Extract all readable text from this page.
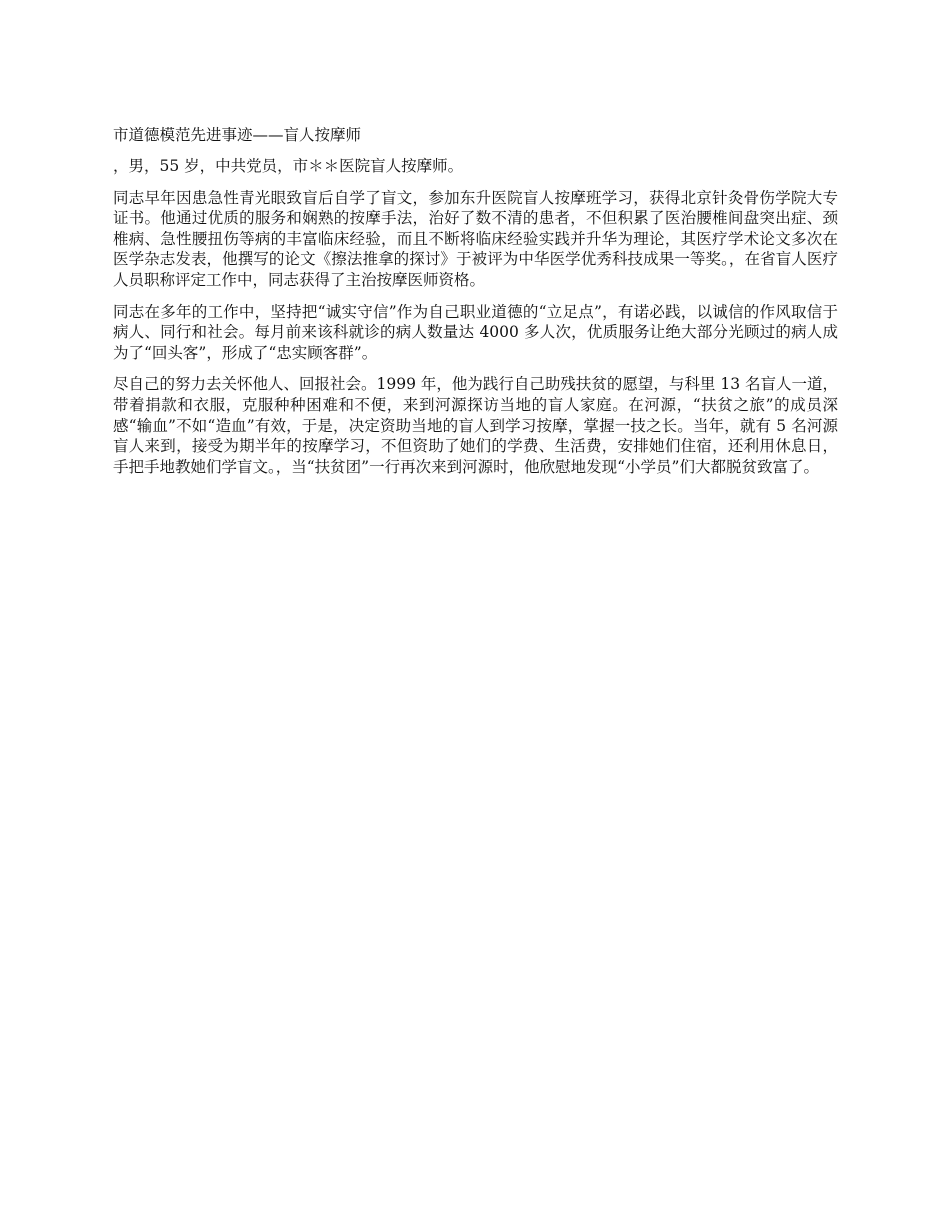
市道德模范先进事迹——盲人按摩师

，男，55 岁，中共党员，市＊＊医院盲人按摩师。

同志早年因患急性青光眼致盲后自学了盲文，参加东升医院盲人按摩班学习，获得北京针灸骨伤学院大专证书。他通过优质的服务和娴熟的按摩手法，治好了数不清的患者，不但积累了医治腰椎间盘突出症、颈椎病、急性腰扭伤等病的丰富临床经验，而且不断将临床经验实践并升华为理论，其医疗学术论文多次在医学杂志发表，他撰写的论文《擦法推拿的探讨》于被评为中华医学优秀科技成果一等奖。，在省盲人医疗人员职称评定工作中，同志获得了主治按摩医师资格。

同志在多年的工作中，坚持把“诚实守信”作为自己职业道德的“立足点”，有诺必践，以诚信的作风取信于病人、同行和社会。每月前来该科就诊的病人数量达 4000 多人次，优质服务让绝大部分光顾过的病人成为了“回头客”，形成了“忠实顾客群”。

尽自己的努力去关怀他人、回报社会。1999 年，他为践行自己助残扶贫的愿望，与科里 13 名盲人一道，带着捐款和衣服，克服种种困难和不便，来到河源探访当地的盲人家庭。在河源，“扶贫之旅”的成员深感“输血”不如“造血”有效，于是，决定资助当地的盲人到学习按摩，掌握一技之长。当年，就有 5 名河源盲人来到，接受为期半年的按摩学习，不但资助了她们的学费、生活费，安排她们住宿，还利用休息日，手把手地教她们学盲文。，当“扶贫团”一行再次来到河源时，他欣慰地发现“小学员”们大都脱贫致富了。
